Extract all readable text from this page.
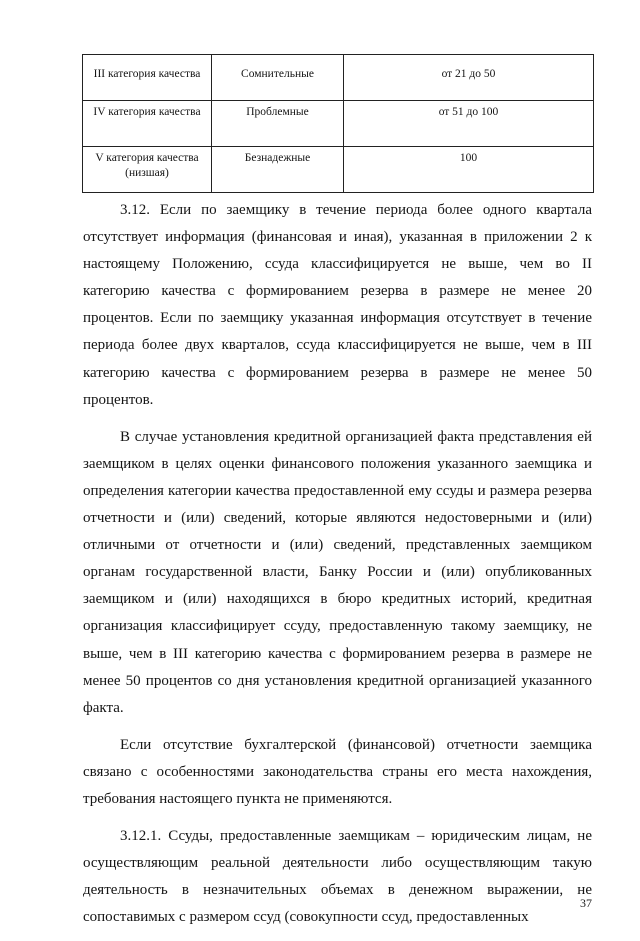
III категория качества	Сомнительные	от 21 до 50
IV категория качества	Проблемные	от 51 до 100
V категория качества (низшая)	Безнадежные	100

3.12. Если по заемщику в течение периода более одного квартала отсутствует информация (финансовая и иная), указанная в приложении 2 к настоящему Положению, ссуда классифицируется не выше, чем во II категорию качества с формированием резерва в размере не менее 20 процентов. Если по заемщику указанная информация отсутствует в течение периода более двух кварталов, ссуда классифицируется не выше, чем в III категорию качества с формированием резерва в размере не менее 50 процентов.

В случае установления кредитной организацией факта представления ей заемщиком в целях оценки финансового положения указанного заемщика и определения категории качества предоставленной ему ссуды и размера резерва отчетности и (или) сведений, которые являются недостоверными и (или) отличными от отчетности и (или) сведений, представленных заемщиком органам государственной власти, Банку России и (или) опубликованных заемщиком и (или) находящихся в бюро кредитных историй, кредитная организация классифицирует ссуду, предоставленную такому заемщику, не выше, чем в III категорию качества с формированием резерва в размере не менее 50 процентов со дня установления кредитной организацией указанного факта.

Если отсутствие бухгалтерской (финансовой) отчетности заемщика связано с особенностями законодательства страны его места нахождения, требования настоящего пункта не применяются.

3.12.1. Ссуды, предоставленные заемщикам – юридическим лицам, не осуществляющим реальной деятельности либо осуществляющим такую деятельность в незначительных объемах в денежном выражении, не сопоставимых с размером ссуд (совокупности ссуд, предоставленных

37
